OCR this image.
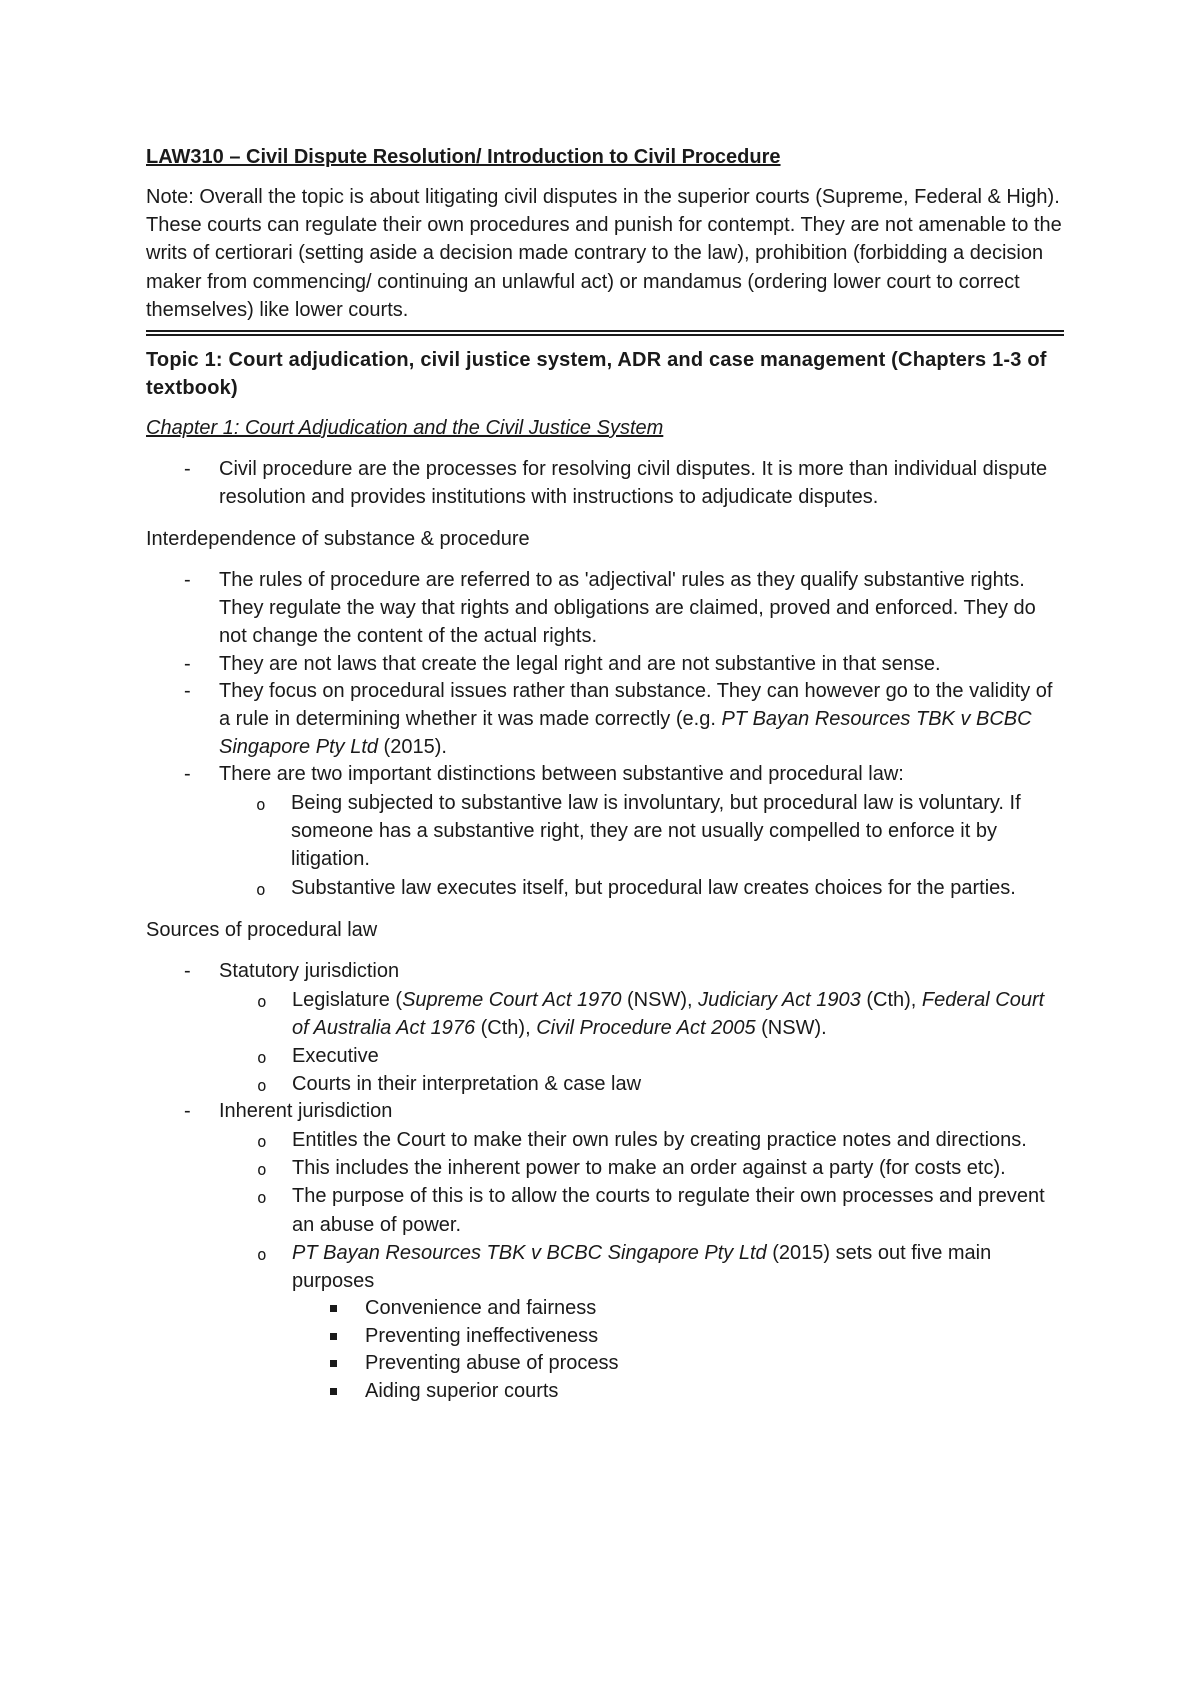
LAW310 – Civil Dispute Resolution/ Introduction to Civil Procedure

Note: Overall the topic is about litigating civil disputes in the superior courts (Supreme, Federal & High). These courts can regulate their own procedures and punish for contempt. They are not amenable to the writs of certiorari (setting aside a decision made contrary to the law), prohibition (forbidding a decision maker from commencing/ continuing an unlawful act) or mandamus (ordering lower court to correct themselves) like lower courts.

Topic 1: Court adjudication, civil justice system, ADR and case management (Chapters 1-3 of textbook)
Chapter 1: Court Adjudication and the Civil Justice System
- Civil procedure are the processes for resolving civil disputes. It is more than individual dispute resolution and provides institutions with instructions to adjudicate disputes.
Interdependence of substance & procedure
- The rules of procedure are referred to as 'adjectival' rules as they qualify substantive rights. They regulate the way that rights and obligations are claimed, proved and enforced. They do not change the content of the actual rights.
- They are not laws that create the legal right and are not substantive in that sense.
- They focus on procedural issues rather than substance. They can however go to the validity of a rule in determining whether it was made correctly (e.g. PT Bayan Resources TBK v BCBC Singapore Pty Ltd (2015).
- There are two important distinctions between substantive and procedural law:
o Being subjected to substantive law is involuntary, but procedural law is voluntary. If someone has a substantive right, they are not usually compelled to enforce it by litigation.
o Substantive law executes itself, but procedural law creates choices for the parties.
Sources of procedural law
- Statutory jurisdiction
o Legislature (Supreme Court Act 1970 (NSW), Judiciary Act 1903 (Cth), Federal Court of Australia Act 1976 (Cth), Civil Procedure Act 2005 (NSW).
o Executive
o Courts in their interpretation & case law
- Inherent jurisdiction
o Entitles the Court to make their own rules by creating practice notes and directions.
o This includes the inherent power to make an order against a party (for costs etc).
o The purpose of this is to allow the courts to regulate their own processes and prevent an abuse of power.
o PT Bayan Resources TBK v BCBC Singapore Pty Ltd (2015) sets out five main purposes
Convenience and fairness
Preventing ineffectiveness
Preventing abuse of process
Aiding superior courts
